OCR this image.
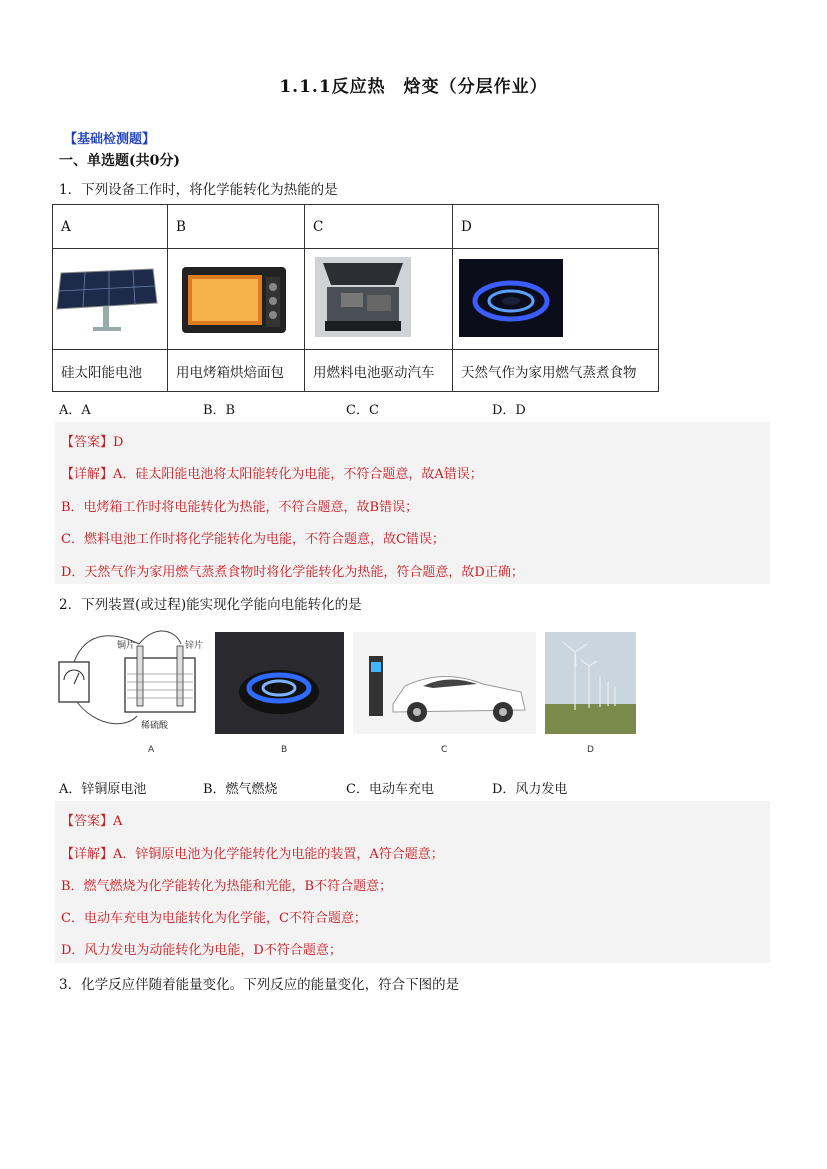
1.1.1反应热　焓变（分层作业）
【基础检测题】
一、单选题(共0分)
1．下列设备工作时，将化学能转化为热能的是
A	B	C	D

硅太阳能电池	用电烤箱烘焙面包	用燃料电池驱动汽车	天然气作为家用燃气蒸煮食物
A．A	B．B	C．C	D．D
【答案】D
【详解】A．硅太阳能电池将太阳能转化为电能，不符合题意，故A错误；
B．电烤箱工作时将电能转化为热能，不符合题意，故B错误；
C．燃料电池工作时将化学能转化为电能，不符合题意，故C错误；
D．天然气作为家用燃气蒸煮食物时将化学能转化为热能，符合题意，故D正确；
2．下列装置(或过程)能实现化学能向电能转化的是
铜片	锌片
稀硫酸
A	B	C	D
A．锌铜原电池	B．燃气燃烧	C．电动车充电	D．风力发电
【答案】A
【详解】A．锌铜原电池为化学能转化为电能的装置，A符合题意；
B．燃气燃烧为化学能转化为热能和光能，B不符合题意；
C．电动车充电为电能转化为化学能，C不符合题意；
D．风力发电为动能转化为电能，D不符合题意；
3．化学反应伴随着能量变化。下列反应的能量变化，符合下图的是
